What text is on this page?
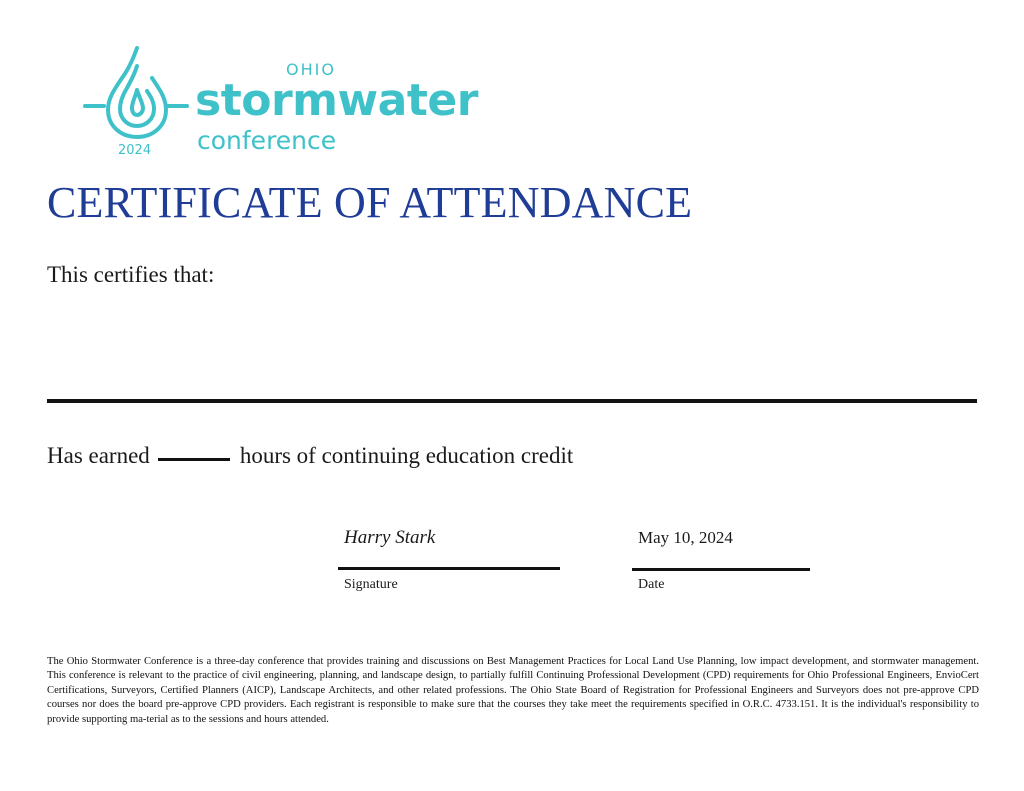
OHIO
stormwater
conference
2024
CERTIFICATE OF ATTENDANCE
This certifies that:
Has earned	hours of continuing education credit
Harry Stark
Signature
May 10, 2024
Date
The Ohio Stormwater Conference is a three-day conference that provides training and discussions on Best Management Practices for Local Land Use Planning, low impact development, and stormwater management. This conference is relevant to the practice of civil engineering, planning, and landscape design, to partially fulfill Continuing Professional Development (CPD) requirements for Ohio Professional Engineers, EnvioCert Certifications, Surveyors, Certified Planners (AICP), Landscape Architects, and other related professions. The Ohio State Board of Registration for Professional Engineers and Surveyors does not pre-approve CPD courses nor does the board pre-approve CPD providers. Each registrant is responsible to make sure that the courses they take meet the requirements specified in O.R.C. 4733.151. It is the individual's responsibility to provide supporting ma-terial as to the sessions and hours attended.
